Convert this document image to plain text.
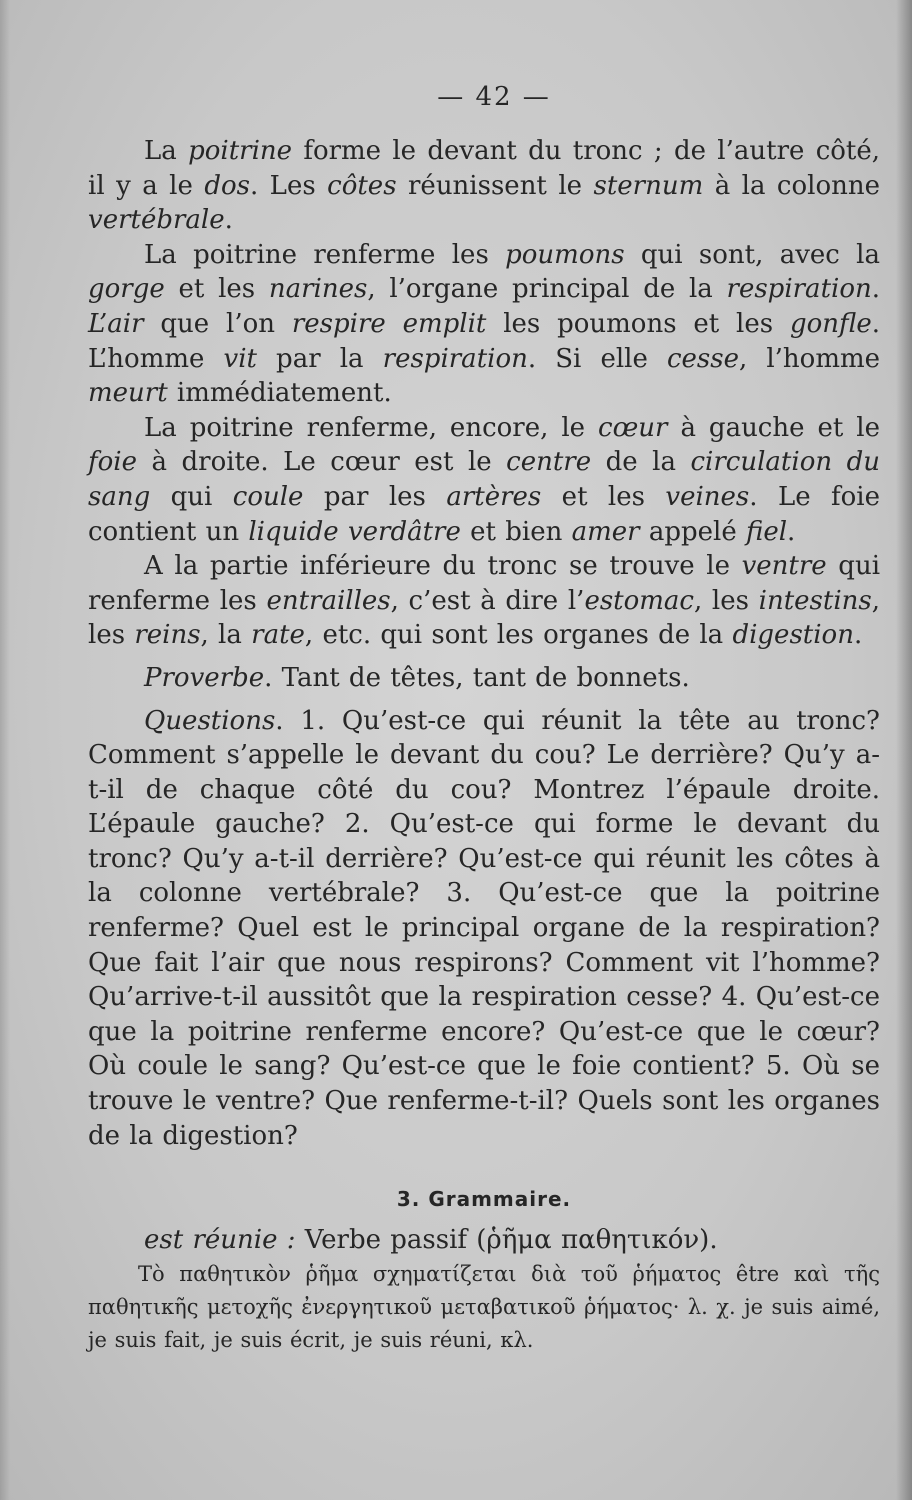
— 42 —

La poitrine forme le devant du tronc ; de l’autre côté, il y a le dos. Les côtes réunissent le sternum à la colonne vertébrale.

La poitrine renferme les poumons qui sont, avec la gorge et les narines, l’organe principal de la respiration. L’air que l’on respire emplit les poumons et les gonfle. L’homme vit par la respiration. Si elle cesse, l’homme meurt immédiatement.

La poitrine renferme, encore, le cœur à gauche et le foie à droite. Le cœur est le centre de la circulation du sang qui coule par les artères et les veines. Le foie contient un liquide verdâtre et bien amer appelé fiel.

A la partie inférieure du tronc se trouve le ventre qui renferme les entrailles, c’est à dire l’estomac, les intestins, les reins, la rate, etc. qui sont les organes de la digestion.

Proverbe. Tant de têtes, tant de bonnets.

Questions. 1. Qu’est-ce qui réunit la tête au tronc? Comment s’appelle le devant du cou? Le derrière? Qu’y a-t-il de chaque côté du cou? Montrez l’épaule droite. L’épaule gauche? 2. Qu’est-ce qui forme le devant du tronc? Qu’y a-t-il derrière? Qu’est-ce qui réunit les côtes à la colonne vertébrale? 3. Qu’est-ce que la poitrine renferme? Quel est le principal organe de la respiration? Que fait l’air que nous respirons? Comment vit l’homme? Qu’arrive-t-il aussitôt que la respiration cesse? 4. Qu’est-ce que la poitrine renferme encore? Qu’est-ce que le cœur? Où coule le sang? Qu’est-ce que le foie contient? 5. Où se trouve le ventre? Que renferme-t-il? Quels sont les organes de la digestion?

3. Grammaire.

est réunie : Verbe passif (ῥῆμα παθητικόν).

Τὸ παθητικὸν ῥῆμα σχηματίζεται διὰ τοῦ ῥήματος être καὶ τῆς παθητικῆς μετοχῆς ἐνεργητικοῦ μεταβατικοῦ ῥήματος· λ. χ. je suis aimé, je suis fait, je suis écrit, je suis réuni, κλ.
